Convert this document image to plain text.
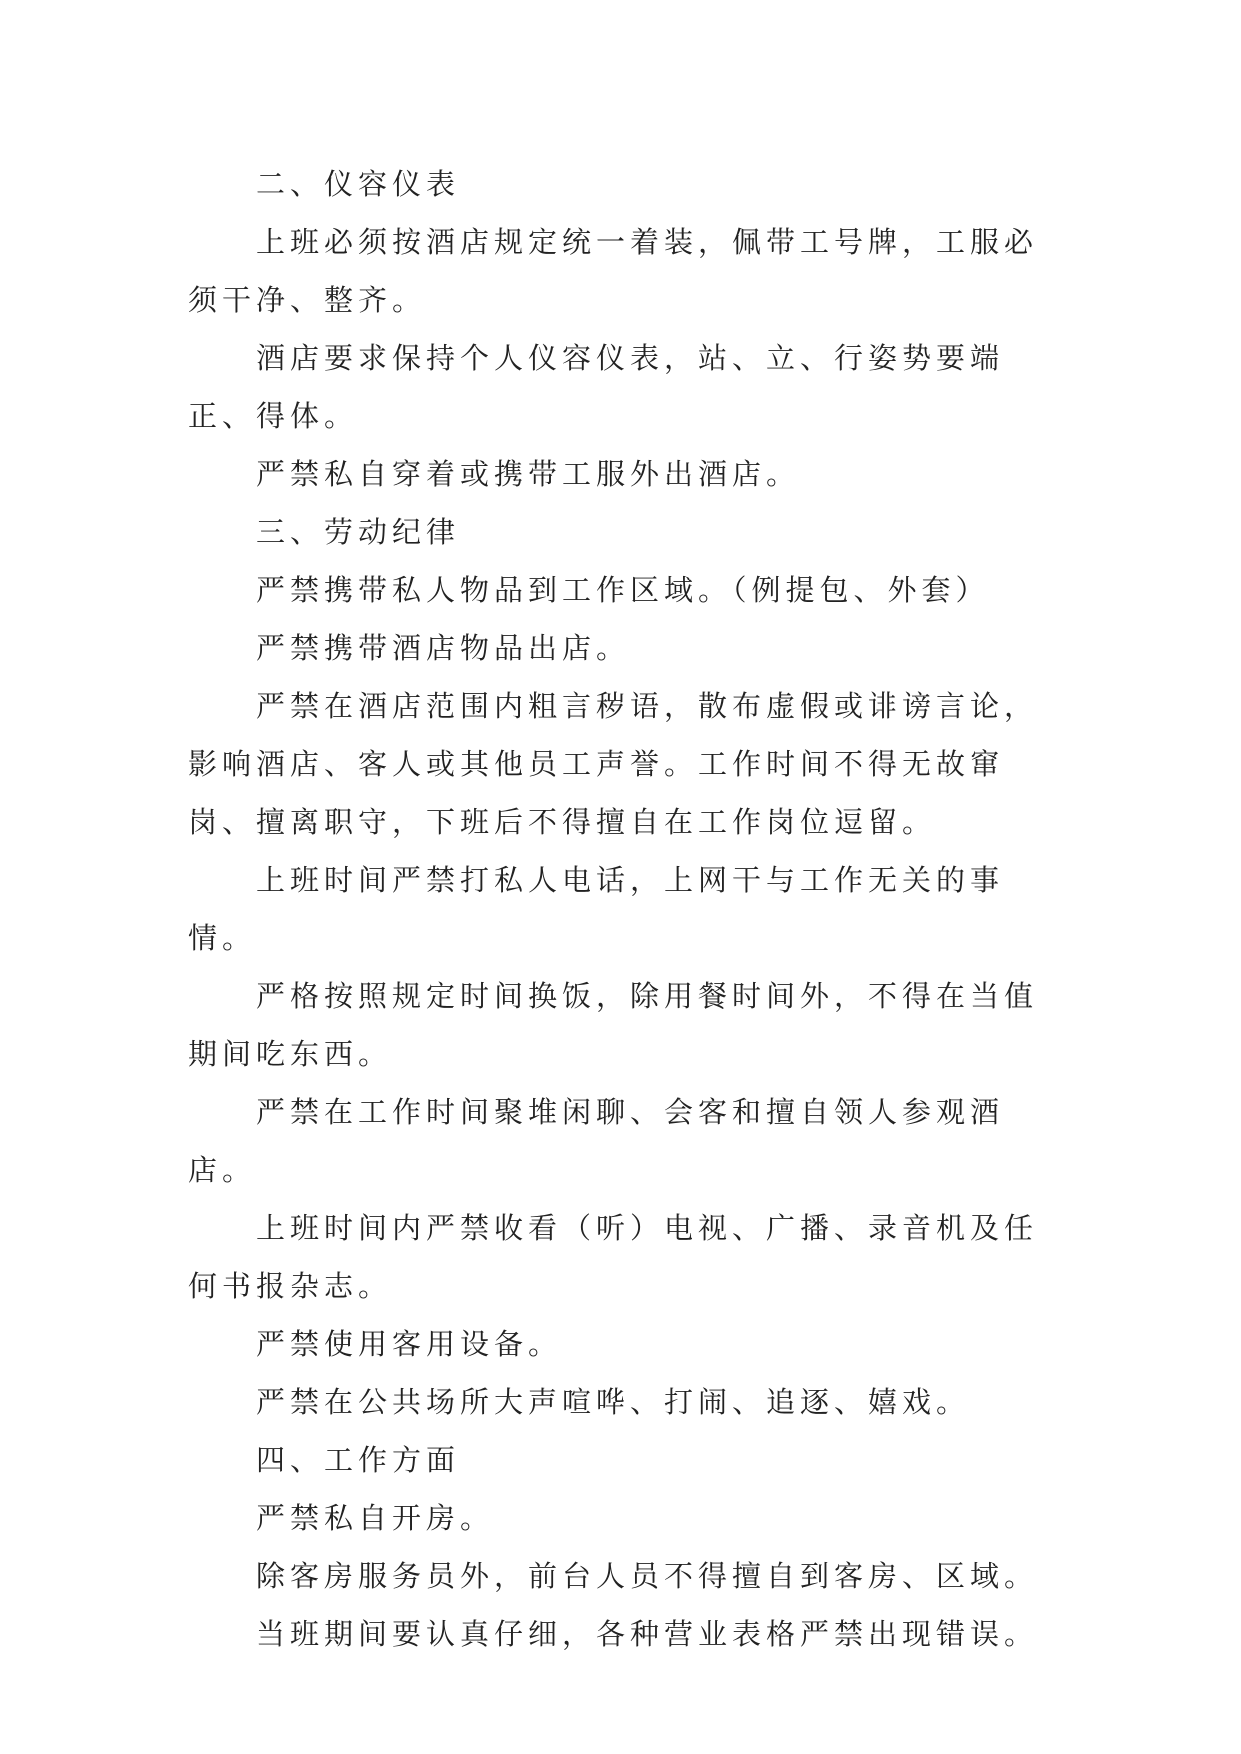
二、仪容仪表

上班必须按酒店规定统一着装，佩带工号牌，工服必须干净、整齐。

酒店要求保持个人仪容仪表，站、立、行姿势要端正、得体。

严禁私自穿着或携带工服外出酒店。

三、劳动纪律

严禁携带私人物品到工作区域。（例提包、外套）

严禁携带酒店物品出店。

严禁在酒店范围内粗言秽语，散布虚假或诽谤言论，影响酒店、客人或其他员工声誉。工作时间不得无故窜岗、擅离职守，下班后不得擅自在工作岗位逗留。

上班时间严禁打私人电话，上网干与工作无关的事情。

严格按照规定时间换饭，除用餐时间外，不得在当值期间吃东西。

严禁在工作时间聚堆闲聊、会客和擅自领人参观酒店。

上班时间内严禁收看（听）电视、广播、录音机及任何书报杂志。

严禁使用客用设备。

严禁在公共场所大声喧哗、打闹、追逐、嬉戏。

四、工作方面

严禁私自开房。

除客房服务员外，前台人员不得擅自到客房、区域。

当班期间要认真仔细，各种营业表格严禁出现错误。
